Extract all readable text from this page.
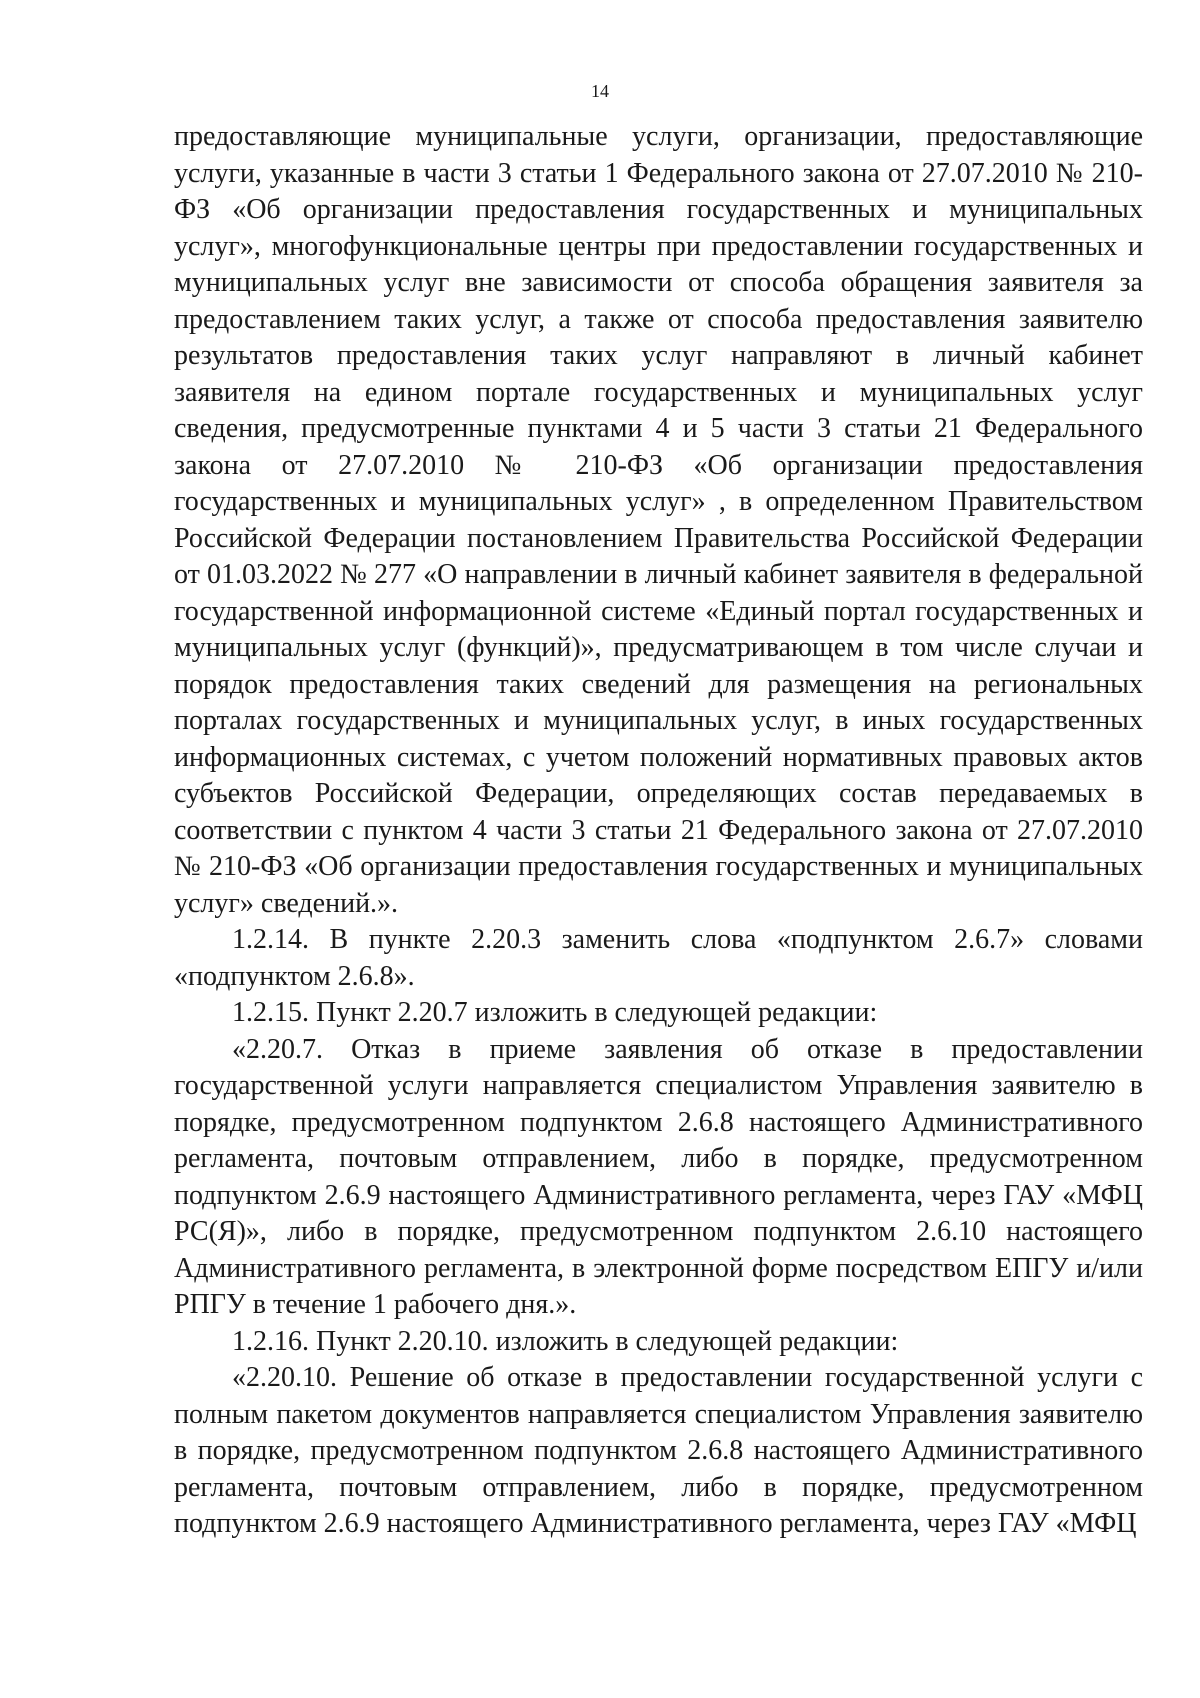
14

предоставляющие муниципальные услуги, организации, предоставляющие услуги, указанные в части 3 статьи 1 Федерального закона от 27.07.2010 № 210-ФЗ «Об организации предоставления государственных и муниципальных услуг», многофункциональные центры при предоставлении государственных и муниципальных услуг вне зависимости от способа обращения заявителя за предоставлением таких услуг, а также от способа предоставления заявителю результатов предоставления таких услуг направляют в личный кабинет заявителя на едином портале государственных и муниципальных услуг сведения, предусмотренные пунктами 4 и 5 части 3 статьи 21 Федерального закона от 27.07.2010 № 210-ФЗ «Об организации предоставления государственных и муниципальных услуг» , в определенном Правительством Российской Федерации постановлением Правительства Российской Федерации от 01.03.2022 № 277 «О направлении в личный кабинет заявителя в федеральной государственной информационной системе «Единый портал государственных и муниципальных услуг (функций)», предусматривающем в том числе случаи и порядок предоставления таких сведений для размещения на региональных порталах государственных и муниципальных услуг, в иных государственных информационных системах, с учетом положений нормативных правовых актов субъектов Российской Федерации, определяющих состав передаваемых в соответствии с пунктом 4 части 3 статьи 21 Федерального закона от 27.07.2010 № 210-ФЗ «Об организации предоставления государственных и муниципальных услуг» сведений.».

1.2.14. В пункте 2.20.3 заменить слова «подпунктом 2.6.7» словами «подпунктом 2.6.8».

1.2.15. Пункт 2.20.7 изложить в следующей редакции:

«2.20.7. Отказ в приеме заявления об отказе в предоставлении государственной услуги направляется специалистом Управления заявителю в порядке, предусмотренном подпунктом 2.6.8 настоящего Административного регламента, почтовым отправлением, либо в порядке, предусмотренном подпунктом 2.6.9 настоящего Административного регламента, через ГАУ «МФЦ РС(Я)», либо в порядке, предусмотренном подпунктом 2.6.10 настоящего Административного регламента, в электронной форме посредством ЕПГУ и/или РПГУ в течение 1 рабочего дня.».

1.2.16. Пункт 2.20.10. изложить в следующей редакции:

«2.20.10. Решение об отказе в предоставлении государственной услуги с полным пакетом документов направляется специалистом Управления заявителю в порядке, предусмотренном подпунктом 2.6.8 настоящего Административного регламента, почтовым отправлением, либо в порядке, предусмотренном подпунктом 2.6.9 настоящего Административного регламента, через ГАУ «МФЦ
